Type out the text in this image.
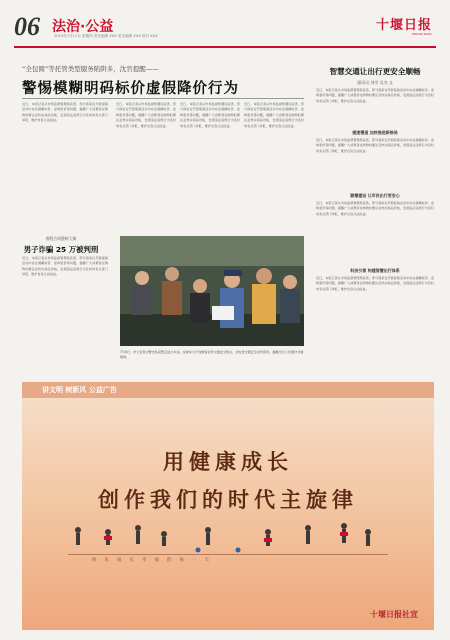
06 法治·公益
2019年7月11日 星期四 责任编辑 XXX 美术编辑 XXX 校对 XXX
十堰日报
SHIYAN DAILY
“全包圆”等托管类型服务陷阱多，沈官提醒——
警惕模糊明码标价虚假降价行为
近日，本报记者从市场监督管理局获悉，部分商家在开展促销活动中存在模糊标价、虚构原价等问题，提醒广大消费者在购物时要注意核实商品价格，发现违法违规行为及时向有关部门举报，维护自身合法权益。
近日，本报记者从市场监督管理局获悉，部分商家在开展促销活动中存在模糊标价、虚构原价等问题，提醒广大消费者在购物时要注意核实商品价格，发现违法违规行为及时向有关部门举报，维护自身合法权益。
近日，本报记者从市场监督管理局获悉，部分商家在开展促销活动中存在模糊标价、虚构原价等问题，提醒广大消费者在购物时要注意核实商品价格，发现违法违规行为及时向有关部门举报，维护自身合法权益。
近日，本报记者从市场监督管理局获悉，部分商家在开展促销活动中存在模糊标价、虚构原价等问题，提醒广大消费者在购物时要注意核实商品价格，发现违法违规行为及时向有关部门举报，维护自身合法权益。
智慧交通让出行更安全顺畅
通讯员 刘雪 吴杰 文
近日，本报记者从市场监督管理局获悉，部分商家在开展促销活动中存在模糊标价、虚构原价等问题，提醒广大消费者在购物时要注意核实商品价格，发现违法违规行为及时向有关部门举报，维护自身合法权益。
提速慢道 加快推进新格局
近日，本报记者从市场监督管理局获悉，部分商家在开展促销活动中存在模糊标价、虚构原价等问题，提醒广大消费者在购物时要注意核实商品价格，发现违法违规行为及时向有关部门举报，维护自身合法权益。
顺德建设 让市民出行更安心
近日，本报记者从市场监督管理局获悉，部分商家在开展促销活动中存在模糊标价、虚构原价等问题，提醒广大消费者在购物时要注意核实商品价格，发现违法违规行为及时向有关部门举报，维护自身合法权益。
科技引领 构建智慧出行体系
近日，本报记者从市场监督管理局获悉，部分商家在开展促销活动中存在模糊标价、虚构原价等问题，提醒广大消费者在购物时要注意核实商品价格，发现违法违规行为及时向有关部门举报，维护自身合法权益。
携程合网整顿大揭
男子诈骗 25 万被判刑
近日，本报记者从市场监督管理局获悉，部分商家在开展促销活动中存在模糊标价、虚构原价等问题，提醒广大消费者在购物时要注意核实商品价格，发现违法违规行为及时向有关部门举报，维护自身合法权益。
7月4日，市公安局交警支队民警走进火车站，在候车大厅向旅客宣传交通安全知识，并发放交通安全宣传资料，提醒出行人员遵守交通规则。
讲文明 树新风 公益广告
用健康成长
创作我们的时代主旋律
快乐成长幸福的每一天
十堰日报社宣
